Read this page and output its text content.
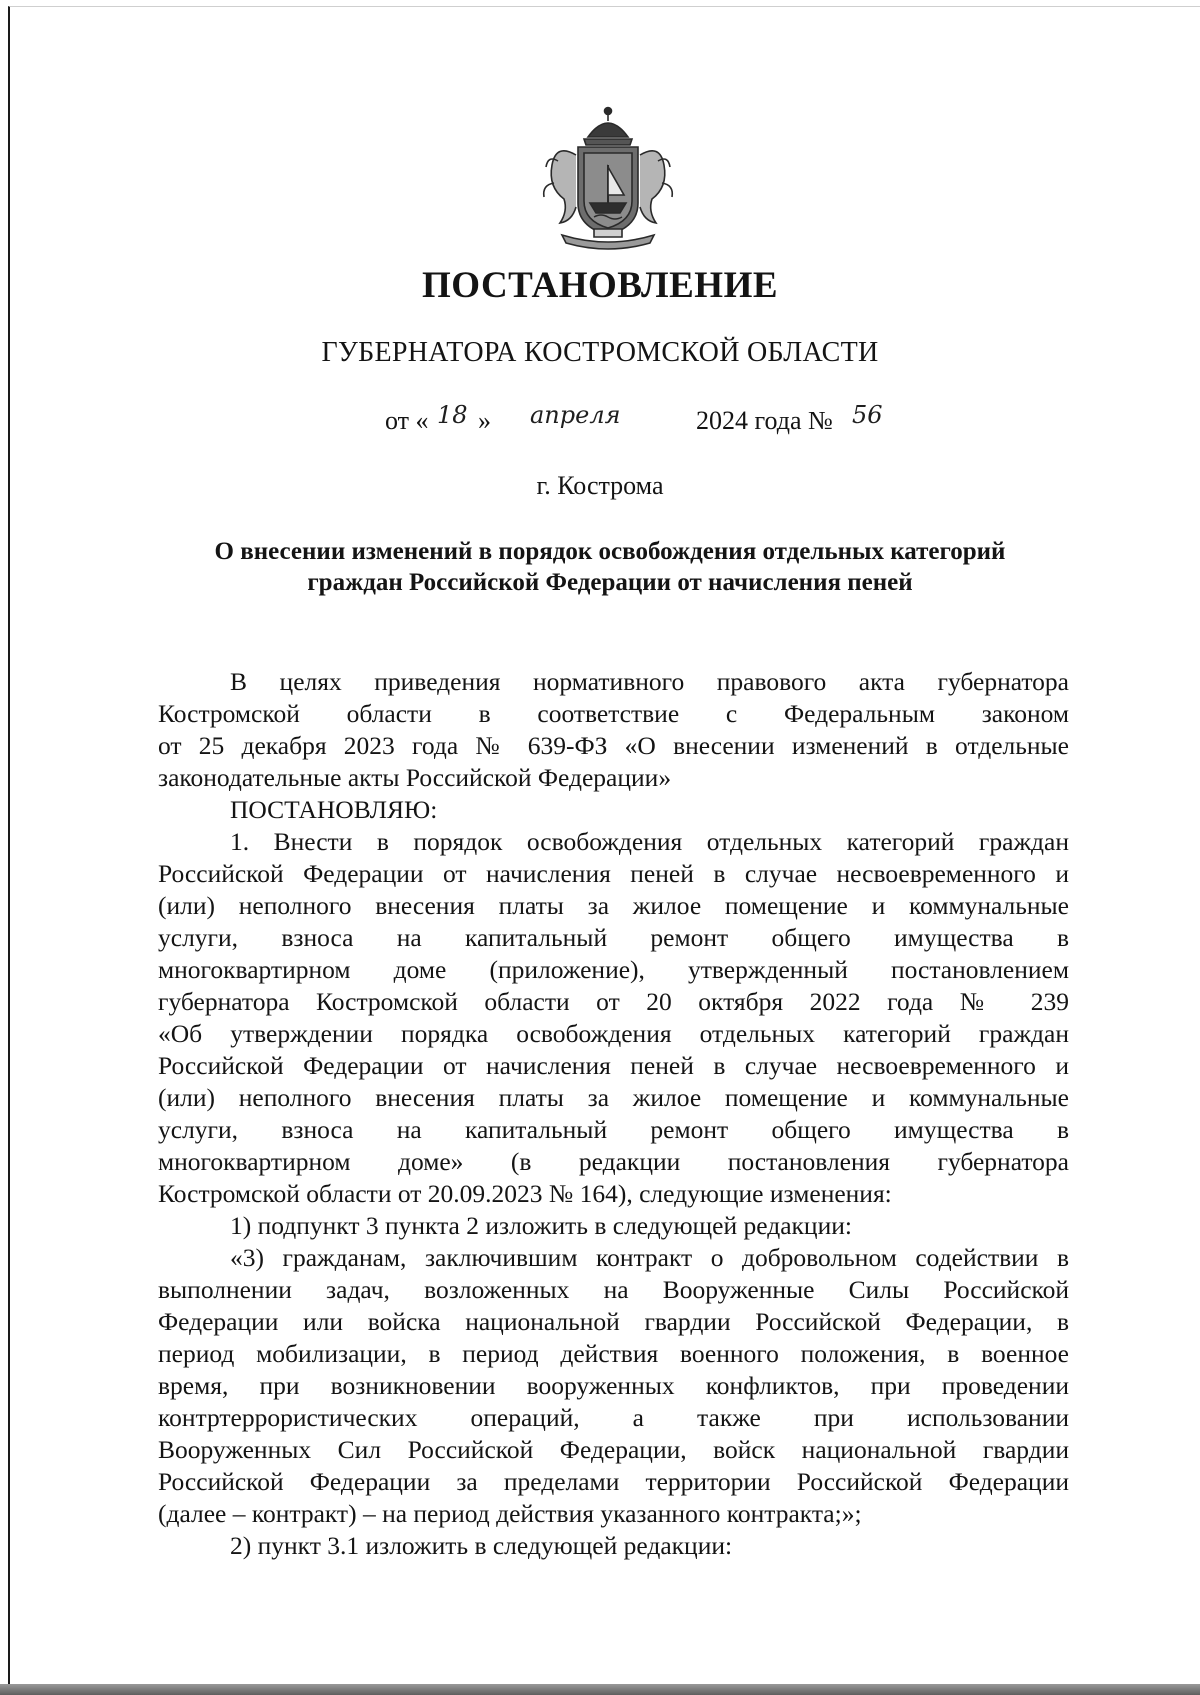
ПОСТАНОВЛЕНИЕ
ГУБЕРНАТОРА КОСТРОМСКОЙ ОБЛАСТИ
от « 18 » апреля	2024 года № 56
г. Кострома
О внесении изменений в порядок освобождения отдельных категорий
граждан Российской Федерации от начисления пеней
В целях приведения нормативного правового акта губернатора
Костромской области в соответствие с Федеральным законом
от 25 декабря 2023 года № 639-ФЗ «О внесении изменений в отдельные
законодательные акты Российской Федерации»
ПОСТАНОВЛЯЮ:
1. Внести в порядок освобождения отдельных категорий граждан
Российской Федерации от начисления пеней в случае несвоевременного и
(или) неполного внесения платы за жилое помещение и коммунальные
услуги, взноса на капитальный ремонт общего имущества в
многоквартирном доме (приложение), утвержденный постановлением
губернатора Костромской области от 20 октября 2022 года № 239
«Об утверждении порядка освобождения отдельных категорий граждан
Российской Федерации от начисления пеней в случае несвоевременного и
(или) неполного внесения платы за жилое помещение и коммунальные
услуги, взноса на капитальный ремонт общего имущества в
многоквартирном доме» (в редакции постановления губернатора
Костромской области от 20.09.2023 № 164), следующие изменения:
1) подпункт 3 пункта 2 изложить в следующей редакции:
«3) гражданам, заключившим контракт о добровольном содействии в
выполнении задач, возложенных на Вооруженные Силы Российской
Федерации или войска национальной гвардии Российской Федерации, в
период мобилизации, в период действия военного положения, в военное
время, при возникновении вооруженных конфликтов, при проведении
контртеррористических операций, а также при использовании
Вооруженных Сил Российской Федерации, войск национальной гвардии
Российской Федерации за пределами территории Российской Федерации
(далее – контракт) – на период действия указанного контракта;»;
2) пункт 3.1 изложить в следующей редакции:
